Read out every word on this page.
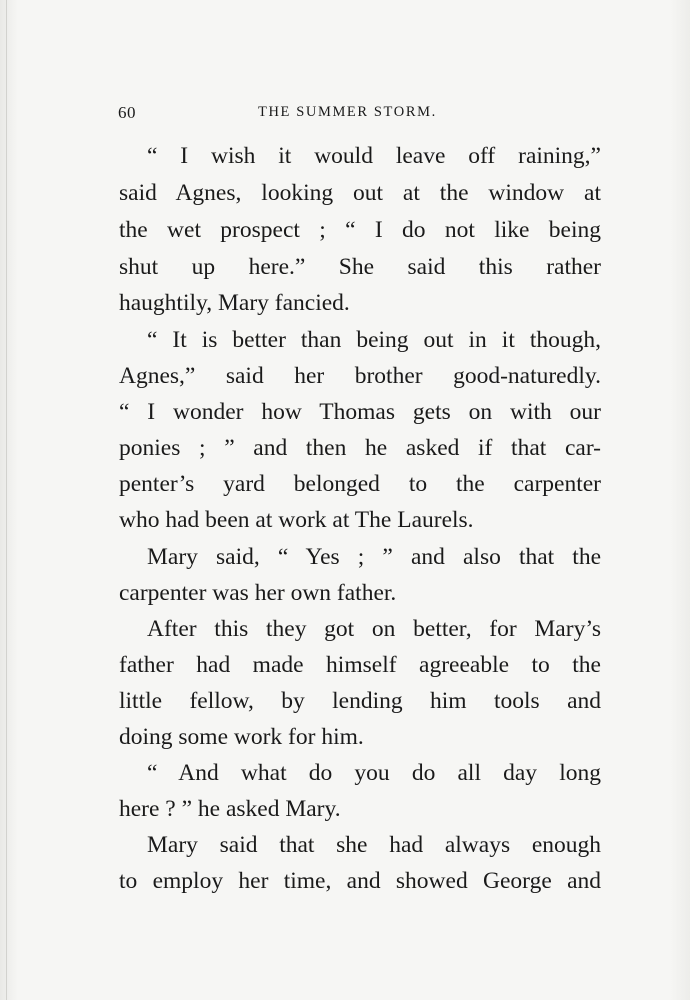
60	THE SUMMER STORM.
“ I wish it would leave off raining,”
said Agnes, looking out at the window at
the wet prospect ; “ I do not like being
shut up here.” She said this rather
haughtily, Mary fancied.
“ It is better than being out in it though,
Agnes,” said her brother good-naturedly.
“ I wonder how Thomas gets on with our
ponies ; ” and then he asked if that car-
penter’s yard belonged to the carpenter
who had been at work at The Laurels.
Mary said, “ Yes ; ” and also that the
carpenter was her own father.
After this they got on better, for Mary’s
father had made himself agreeable to the
little fellow, by lending him tools and
doing some work for him.
“ And what do you do all day long
here ? ” he asked Mary.
Mary said that she had always enough
to employ her time, and showed George and
